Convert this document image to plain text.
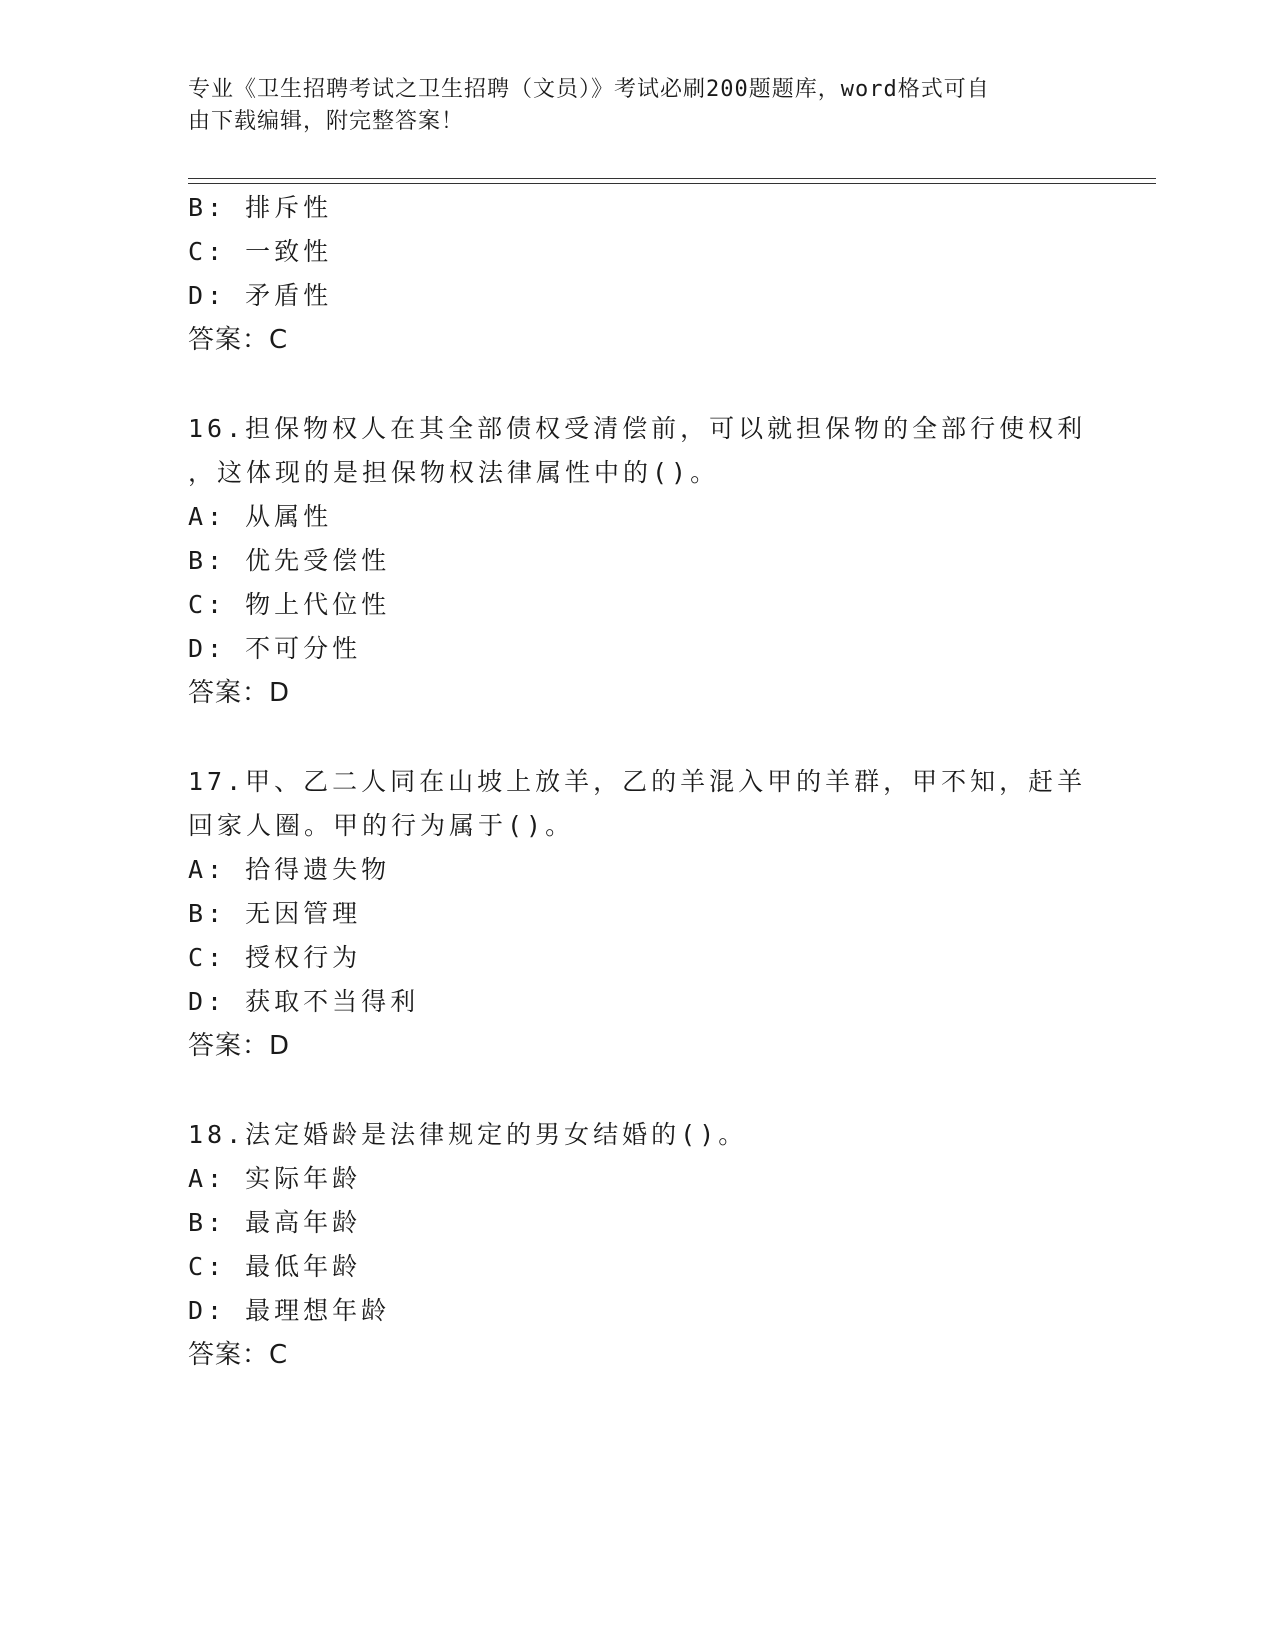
专业《卫生招聘考试之卫生招聘（文员）》考试必刷200题题库，word格式可自
由下载编辑，附完整答案！
B: 排斥性
C: 一致性
D: 矛盾性
答案：C
16.担保物权人在其全部债权受清偿前，可以就担保物的全部行使权利
，这体现的是担保物权法律属性中的()。
A: 从属性
B: 优先受偿性
C: 物上代位性
D: 不可分性
答案：D
17.甲、乙二人同在山坡上放羊，乙的羊混入甲的羊群，甲不知，赶羊
回家人圈。甲的行为属于()。
A: 拾得遗失物
B: 无因管理
C: 授权行为
D: 获取不当得利
答案：D
18.法定婚龄是法律规定的男女结婚的()。
A: 实际年龄
B: 最高年龄
C: 最低年龄
D: 最理想年龄
答案：C
